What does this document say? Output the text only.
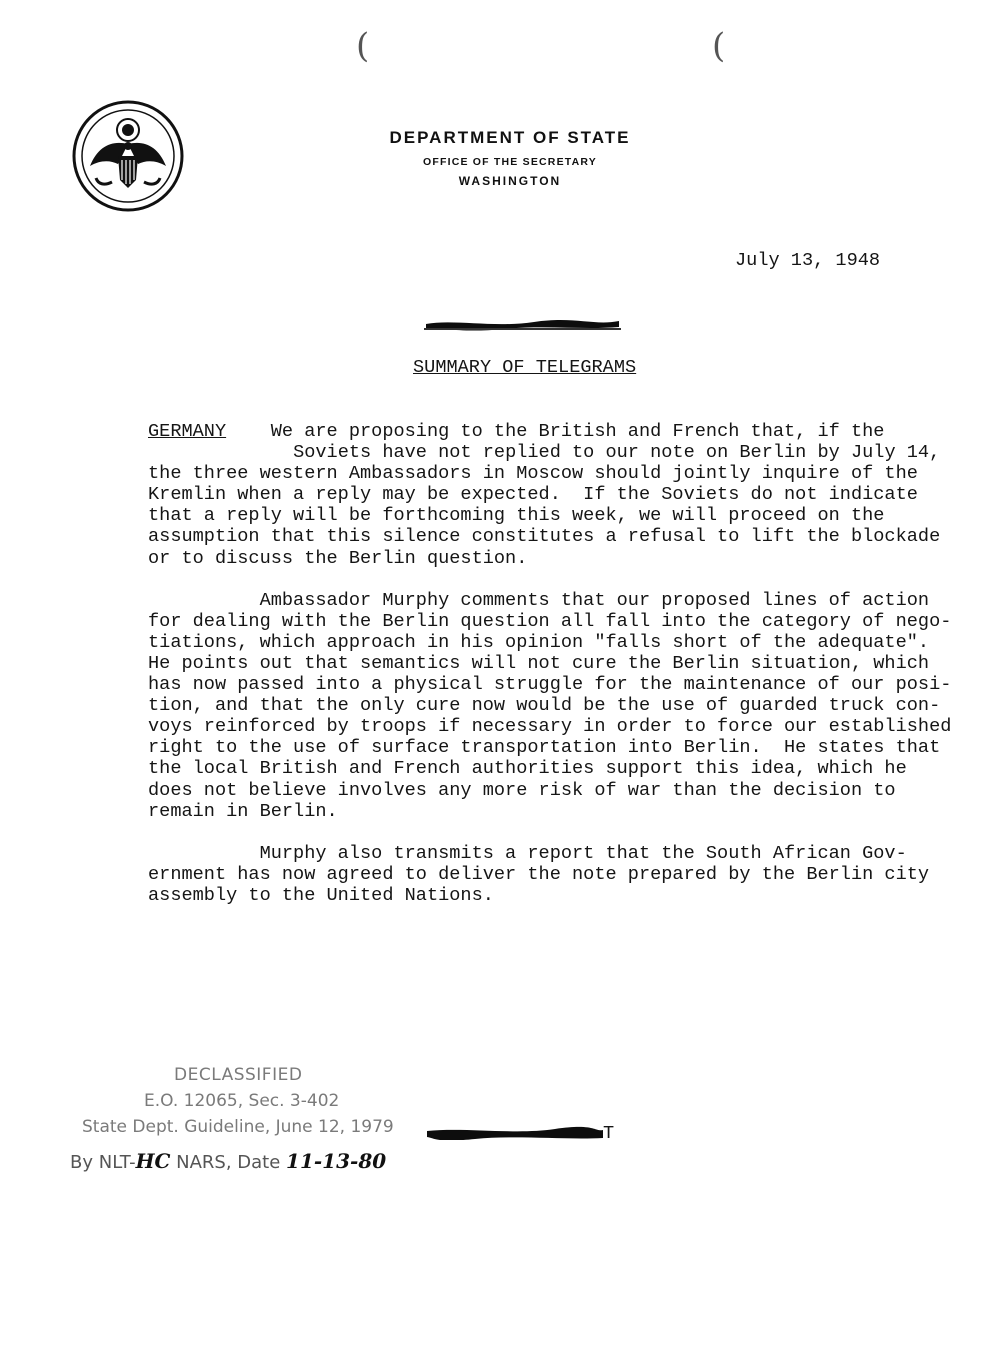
(	(
DEPARTMENT OF STATE
OFFICE OF THE SECRETARY
WASHINGTON
July 13, 1948
SUMMARY OF TELEGRAMS
GERMANY We are proposing to the British and French that, if the
Soviets have not replied to our note on Berlin by July 14,
the three western Ambassadors in Moscow should jointly inquire of the
Kremlin when a reply may be expected.  If the Soviets do not indicate
that a reply will be forthcoming this week, we will proceed on the
assumption that this silence constitutes a refusal to lift the blockade
or to discuss the Berlin question.
Ambassador Murphy comments that our proposed lines of action
for dealing with the Berlin question all fall into the category of nego-
tiations, which approach in his opinion "falls short of the adequate".
He points out that semantics will not cure the Berlin situation, which
has now passed into a physical struggle for the maintenance of our posi-
tion, and that the only cure now would be the use of guarded truck con-
voys reinforced by troops if necessary in order to force our established
right to the use of surface transportation into Berlin.  He states that
the local British and French authorities support this idea, which he
does not believe involves any more risk of war than the decision to
remain in Berlin.
Murphy also transmits a report that the South African Gov-
ernment has now agreed to deliver the note prepared by the Berlin city
assembly to the United Nations.
DECLASSIFIED
E.O. 12065, Sec. 3-402
State Dept. Guideline, June 12, 1979
By NLT-HC NARS, Date 11-13-80
T
